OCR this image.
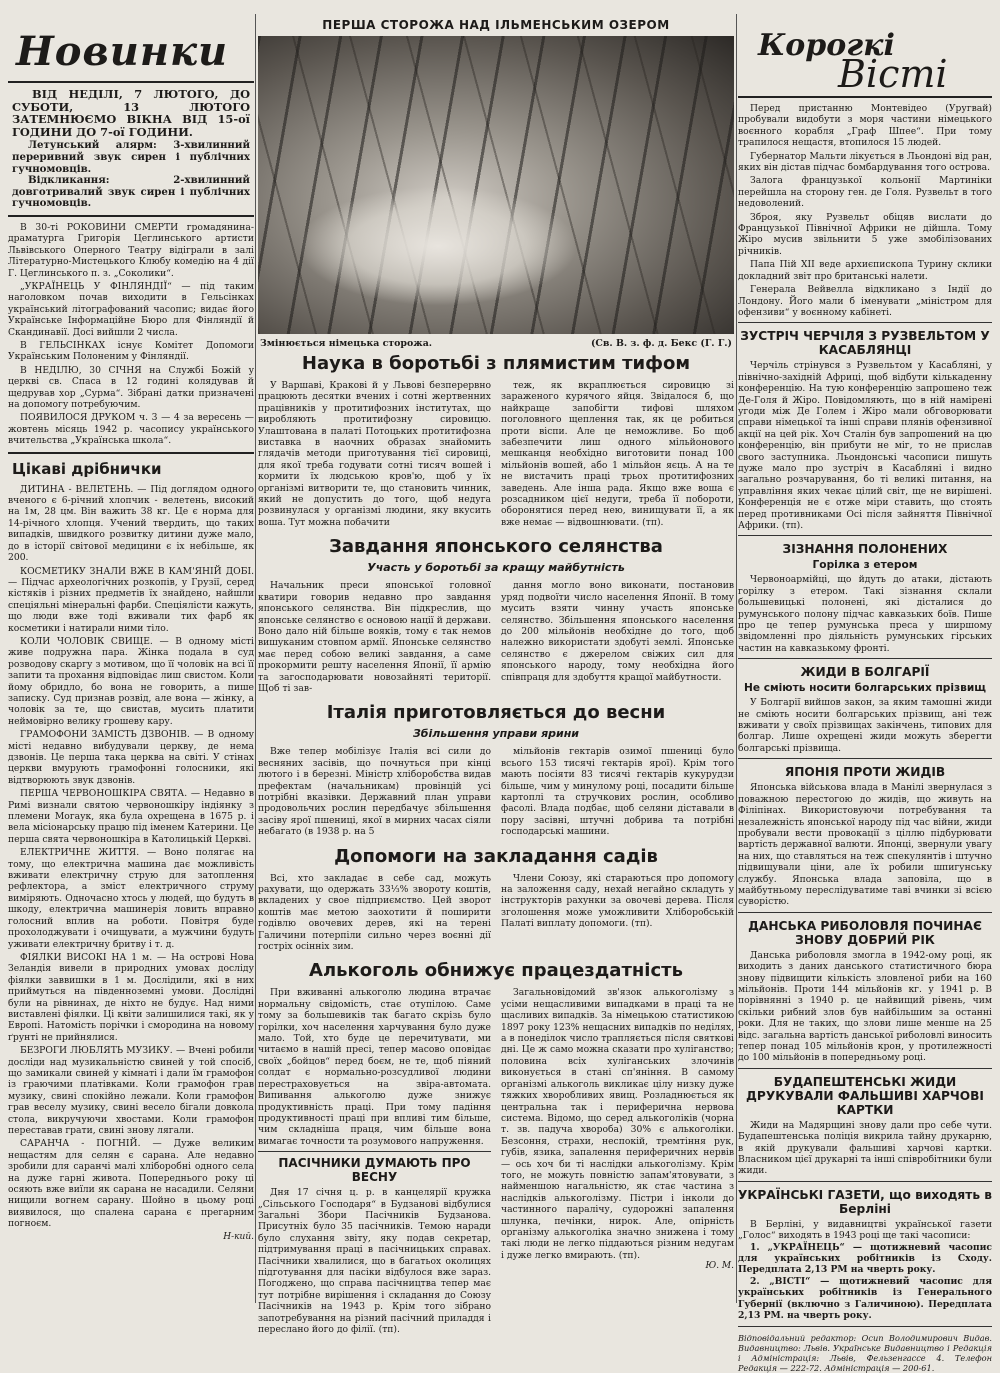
Новинки
ВІД НЕДІЛІ, 7 ЛЮТОГО, ДО СУБОТИ, 13 ЛЮТОГО ЗАТЕМНЮЄМО ВІКНА ВІД 15-ої ГОДИНИ ДО 7-ої ГОДИНИ.
Летунський алярм: 3-хвилинний переривний звук сирен і публічних гучномовців.
Відкликання: 2-хвилинний довготривалий звук сирен і публічних гучномовців.

В 30-ті РОКОВИНИ СМЕРТИ громадянина-драматурга Григорія Цеглинського артисти Львівського Оперного Театру відіграли в залі Літературно-Мистецького Клюбу комедію на 4 дії Г. Цеглинського п. з. „Соколики“.

„УКРАЇНЕЦЬ У ФІНЛЯНДІЇ“ — під таким наголовком почав виходити в Гельсінках український літографований часопис; видає його Українське Інформаційне Бюро для Фінляндії й Скандинавії. Досі вийшли 2 числа.

В ГЕЛЬСІНКАХ існує Комітет Допомоги Українським Полоненим у Фінляндії.

В НЕДІЛЮ, 30 СІЧНЯ на Службі Божій у церкві св. Спаса в 12 годині колядував й щедрував хор „Сурма“. Зібрані датки призначені на допомогу потребуючим.

ПОЯВИЛОСЯ ДРУКОМ ч. 3 — 4 за вересень — жовтень місяць 1942 р. часопису українського вчительства „Українська школа“.

Цікаві дрібнички

ДИТИНА - ВЕЛЕТЕНЬ. — Під доглядом одного вченого є 6-річний хлопчик - велетень, високий на 1м, 28 цм. Він важить 38 кг. Це є норма для 14-річного хлопця. Учений твердить, що таких випадків, швидкого розвитку дитини дуже мало, до в історії світової медицини є іх небільше, як 200.

КОСМЕТИКУ ЗНАЛИ ВЖЕ В КАМ'ЯНІЙ ДОБІ. — Підчас археологічних розкопів, у Грузії, серед кістяків і різних предметів їх знайдено, найшли спеціяльні мінеральні фарби. Спеціялісти кажуть, що люди вже тоді вживали тих фарб як косметики і натирали ними тіло.

КОЛИ ЧОЛОВІК СВИЩЕ. — В одному місті живе подружна пара. Жінка подала в суд розводову скаргу з мотивом, що її чоловік на всі її запити та прохання відповідає лиш свистом. Коли йому обридло, бо вона не говорить, а пише записку. Суд признав розвід, але вона — жінку, а чоловік за те, що свистав, мусить платити неймовірно велику грошеву кару.

ГРАМОФОНИ ЗАМІСТЬ ДЗВОНІВ. — В одному місті недавно вибудували церкву, де нема дзвонів. Це перша така церква на світі. У стінах церкви вмурують грамофонні голосники, які відтворюють звук дзвонів.

ПЕРША ЧЕРВОНОШКІРА СВЯТА. — Недавно в Римі визнали святою червоношкіру індіянку з племени Могаук, яка була охрещена в 1675 р. і вела місіонарську працю під іменем Катерини. Це перша свята червоношкіра в Католицькій Церкві.

ЕЛЕКТРИЧНЕ ЖИТТЯ. — Воно полягає на тому, що електрична машина дає можливість вживати електричну струю для затоплення рефлектора, а зміст електричного струму виміряють. Одночасно хтось у людей, що будуть в шкоду, електрична машинерія ловить вправно голосний вплив на роботи. Повітря буде прохолоджувати і очищувати, а мужчини будуть уживати електричну бритву і т. д.

ФІЯЛКИ ВИСОКІ НА 1 м. — На острові Нова Зеландія вивели в природних умовах досліду фіялки заввишки в 1 м. Дослідили, які в них приймуться на південноземні умови. Дослідні були на рівнинах, де ніхто не будує. Над ними виставлені фіялки. Ці квіти залишилися такі, як у Европі. Натомість порічки і смородина на новому ґрунті не прийнялися.

БЕЗРОГИ ЛЮБЛЯТЬ МУЗИКУ. — Вчені робили досліди над музикальністю свиней у той спосіб, що замикали свиней у кімнаті і дали їм грамофон із граючими платівками. Коли грамофон грав музику, свині спокійно лежали. Коли грамофон грав веселу музику, свині весело бігали довкола стола, викручуючи хвостами. Коли грамофон переставав грати, свині знову лягали.

САРАНЧА - ПОГНІЙ. — Дуже великим нещастям для селян є сарана. Але недавно зробили для саранчі малі хліборобні одного села на дуже гарні живота. Попереднього року ці осяють вже виїли як сарана не насадили. Селяни нищили вогнем сарану. Шойно в цьому році виявилося, що спалена сарана є прегарним погноєм.

Н-кий.
ПЕРША СТОРОЖА НАД ІЛЬМЕНСЬКИМ ОЗЕРОМ
Змінюється німецька сторожа.	(Св. В. з. ф. д. Бекс (Г. Г.)
Наука в боротьбі з плямистим тифом

У Варшаві, Кракові й у Львові безперервно працюють десятки вчених і сотні жертвенних працівників у протитифозних інститутах, що виробляють протитифозну сировицю. Улаштована в палаті Потоцьких протитифозна виставка в наочних образах знайомить глядачів методи приготування тієї сировиці, для якої треба годувати сотні тисяч вошей і кормити їх людською кров'ю, щоб у їх організмі витворити те, що становить чинник, який не допустить до того, щоб недуга розвинулася у організмі людини, яку вкусить воша. Тут можна побачити

теж, як вкраплюється сировицю зі зараженого курячого яйця. Звідалося б, що найкраще запобігти тифові шляхом поголовного щеплення так, як це робиться проти віспи. Але це неможливе. Бо щоб забезпечити лиш одного мільйонового мешканця необхідно виготовити понад 100 мільйонів вошей, або 1 мільйон яєць. А на те не вистачить праці трьох протитифозних заведень. Але інша рада. Якщо вже воша є розсадником цієї недуги, треба її побороти, оборонятися перед нею, винищувати її, а як вже немає — відвошнювати. (тп).

Завдання японського селянства
Участь у боротьбі за кращу майбутність

Начальник преси японської головної кватири говорив недавно про завдання японського селянства. Він підкреслив, що японське селянство є основою нації й держави. Воно дало ній більше вояків, тому є так немов вишуканим стовпом армії. Японське селянство має перед собою великі завдання, а саме прокормити решту населення Японії, її армію та загосподарювати новозайняті території. Щоб ті зав-

дання могло воно виконати, постановив уряд подвоїти число населення Японії. В тому мусить взяти чинну участь японське селянство. Збільшення японського населення до 200 мільйонів необхідне до того, щоб належно використати здобуті землі. Японське селянство є джерелом свіжих сил для японського народу, тому необхідна його співпраця для здобуття кращої майбутности.

Італія приготовляється до весни
Збільшення управи ярини

Вже тепер мобілізує Італія всі сили до весняних засівів, що почнуться при кінці лютого і в березні. Міністр хліборобства видав префектам (начальникам) провінцій усі потрібні вказівки. Державний план управи продовольчих рослин передбачує збільшення засіву ярої пшениці, якої в мирних часах сіяли небагато (в 1938 р. на 5

мільйонів гектарів озимої пшениці було всього 153 тисячі гектарів ярої). Крім того мають посіяти 83 тисячі гектарів кукурудзи більше, чим у минулому році, посадити більше картоплі та стручкових рослин, особливо фасолі. Влада подбає, щоб селяни діставали в пору засівні, штучні добрива та потрібні господарські машини.

Допомоги на закладання садів

Всі, хто закладає в себе сад, можуть рахувати, що одержать 33⅓% звороту коштів, вкладених у свое підприємство. Цей зворот коштів має метою заохотити й поширити годівлю овочевих дерев, які на терені Галичини потерпіли сильно через воєнні дії гостріх осінніх зим.

Члени Союзу, які стараються про допомогу на заложення саду, нехай негайно складуть у інструкторів рахунки за овочеві дерева. Після зголошення може уможливити Хліборобській Палаті виплату допомоги. (тп).

Алькоголь обнижує працездатність

При вживанні алькоголю людина втрачає нормальну свідомість, стає отупілою. Саме тому за большевиків так багато скрізь було горілки, хоч населення харчування було дуже мало. Той, хто буде це перечитувати, ми читаємо в нашій пресі, тепер масово оповідає своїх „бойцов“ перед боєм, не те, щоб піяний солдат є нормально-розсудливої людини перестраховується на звіра-автомата. Випивання алькоголю дуже знижує продуктивність праці. При тому падіння продуктивності праці при впливі тим більше, чим складніша праця, чим більше вона вимагає точности та розумового напруження.

ПАСІЧНИКИ ДУМАЮТЬ ПРО ВЕСНУ

Дня 17 січня ц. р. в канцелярії кружка „Сільського Господаря“ в Будзанові відбулися Загальні Збори Пасічників Будзанова. Присутніх було 35 пасічників. Темою наради було слухання звіту, яку подав секретар, підтримування праці в пасічницьких справах. Пасічники хвалилися, що в багатьох околицях підготування для пасіки відбулося вже зараз. Погоджено, що справа пасічництва тепер має тут потрібне вирішення і складання до Союзу Пасічників на 1943 р. Крім того зібрано запотребування на різний пасічний приладдя і переслано його до філії. (тп).

Загальновідомий зв'язок алькоголізму з усіми нещасливими випадками в праці та не щасливих випадків. За німецькою статистикою 1897 року 123% нещасних випадків по неділях, а в понеділок число трапляється після святкові дні. Це ж само можна сказати про хуліганство; половина всіх хуліганських злочинів виконується в стані сп'яніння. В самому організмі алькоголь викликає цілу низку дуже тяжких хворобливих явищ. Розладнюється як центральна так і периферична нервова система. Відомо, що серед алькоголіків (чорна т. зв. падуча хвороба) 30% є алькоголіки. Безсоння, страхи, неспокій, тремтіння рук, губів, язика, запалення периферичних нервів — ось хоч би ті наслідки алькоголізму. Крім того, не можуть повністю запам'ятовувати, з найменшою нагальністю, як стає частина з наслідків алькоголізму. Пістри і інколи до частинного паралічу, судорожні запалення шлунка, печінки, нирок. Але, опірність організму алькоголіка значно знижена і тому такі люди не легко піддаються різним недугам і дуже легко вмирають. (тп).

Ю. М.
Корогкі
Вісті

Перед пристанню Монтевідео (Уругвай) пробували видобути з моря частини німецького воєнного корабля „Граф Шпее“. При тому трапилося нещастя, втопилося 15 людей.

Губернатор Мальти лікується в Льондоні від ран, яких він дістав підчас бомбардування того острова.

Залога французької кольонії Мартиніки перейшла на сторону ген. де Голя. Рузвельт в того недоволений.

Зброя, яку Рузвельт обіцяв вислати до Французької Північної Африки не дійшла. Тому Жіро мусив звільнити 5 уже змобілізованих річників.

Папа Пій XII веде архиєпископа Турину склики докладний звіт про британські налети.

Генерала Вейвелла відкликано з Індії до Лондону. Його мали б іменувати „міністром для офензиви“ у воєнному кабінеті.

ЗУСТРІЧ ЧЕРЧІЛЯ З РУЗВЕЛЬТОМ У КАСАБЛЯНЦІ

Черчіль стрінувся з Рузвельтом у Касабляні, у північно-західній Африці, щоб відбути кількаденну конференцію. На тую конференцію запрошено теж Де-Голя й Жіро. Повідомляють, що в ній намірені угоди між Де Голем і Жіро мали обговорювати справи німецької та інші справи плянів офензивної акції на цей рік. Хоч Сталін був запрошений на цю конференцію, він прибути не міг, то не прислав свого заступника. Льондонські часописи пишуть дуже мало про зустріч в Касабляні і видно загально розчарування, бо ті великі питання, на управління яких чекає цілий світ, ще не вирішені. Конференція не є отже міри ставить, що стоять перед противниками Осі після зайняття Північної Африки. (тп).

ЗІЗНАННЯ ПОЛОНЕНИХ
Горілка з етером

Червоноармійці, що йдуть до атаки, дістають горілку з етером. Такі зізнання склали большевицькі полонені, які дісталися до румунського полону підчас кавказьких боїв. Пише про це тепер румунська преса у ширшому звідомленні про діяльність румунських гірських частин на кавказькому фронті.

ЖИДИ В БОЛГАРІЇ
Не сміють носити болгарських прізвищ

У Болгарії вийшов закон, за яким тамошні жиди не сміють носити болгарських прізвищ, ані теж вживати у своїх прізвищах закінчень, типових для болгар. Лише охрещені жиди можуть зберегти болгарські прізвища.

ЯПОНІЯ ПРОТИ ЖИДІВ

Японська військова влада в Манілі звернулася з поважною перестогою до жидів, що живуть на Філіпінах. Використовуючи потребування та незалежність японської народу під час війни, жиди пробували вести провокації з ціллю підбурювати вартість державної валюти. Японці, звернули увагу на них, що ставляться на теж спекулянтів і штучно підвищували ціни, але їх робили шпигунську службу. Японська влада заповіла, що в майбутньому переслідуватиме таві вчинки зі всією суворістю.

ДАНСЬКА РИБОЛОВЛЯ ПОЧИНАЄ ЗНОВУ ДОБРИЙ РІК

Данська риболовля змогла в 1942-ому році, як виходить з даних данського статистичного бюра знову підвищити кількість зловленої риби на 160 мільйонів. Проти 144 мільйонів кг. у 1941 р. В порівнянні з 1940 р. це найвищий рівень, чим скільки рибний злов був найбільшим за останні роки. Для не таких, що злови лише менше на 25 відс. загальна вартість данської риболовлі виносить тепер понад 105 мільйонів крон, у протилежності до 100 мільйонів в попередньому році.

БУДАПЕШТЕНСЬКІ ЖИДИ ДРУКУВАЛИ ФАЛЬШИВІ ХАРЧОВІ КАРТКИ

Жиди на Мадярщині знову дали про себе чути. Будапештенська поліція викрила тайну друкарню, в якій друкували фальшиві харчові картки. Власником цієї друкарні та інші співробітники були жиди.

УКРАЇНСЬКІ ГАЗЕТИ, що виходять в Берліні

В Берліні, у видавництві української газети „Голос“ виходять в 1943 році ще такі часописи:

1. „УКРАЇНЕЦЬ“ — щотижневий часопис для українських робітників із Сходу. Передплата 2,13 РМ на чверть року.

2. „ВІСТІ“ — щотижневий часопис для українських робітників із Генерального Губернії (включно з Галичиною). Передплата 2,13 РМ. на чверть року.

Відповідальний редактор: Осип Володимирович Видав. Видавництво: Львів. Українське Видавництво і Редакція і Адміністрація: Львів, Фельзенгассе 4. Телефон Редакція — 222-72. Адміністрація — 200-61.
